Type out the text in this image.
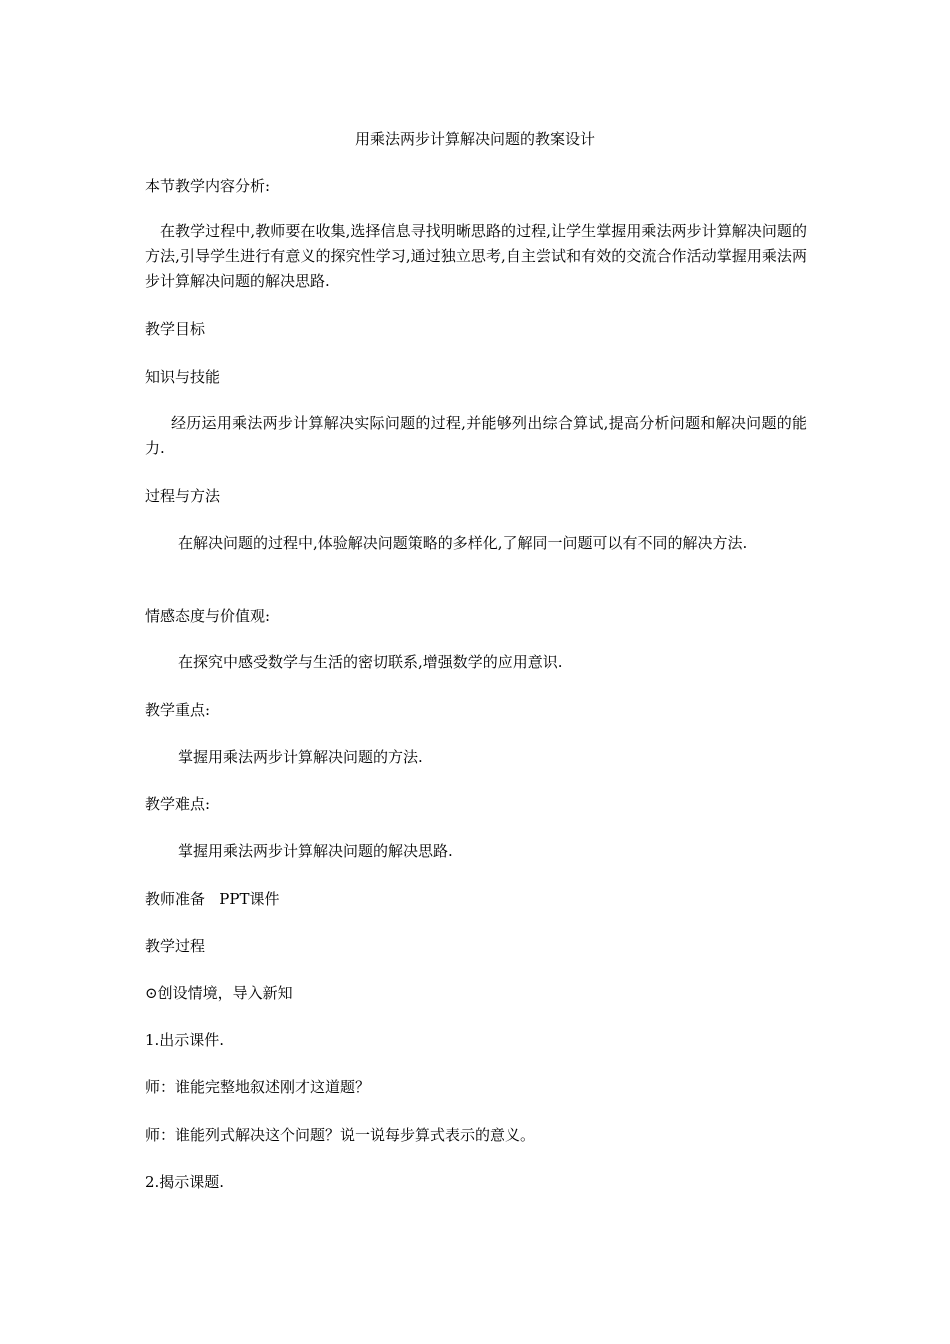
用乘法两步计算解决问题的教案设计
本节教学内容分析:
在教学过程中,教师要在收集,选择信息寻找明晰思路的过程,让学生掌握用乘法两步计算解决问题的方法,引导学生进行有意义的探究性学习,通过独立思考,自主尝试和有效的交流合作活动掌握用乘法两步计算解决问题的解决思路.
教学目标
知识与技能
经历运用乘法两步计算解决实际问题的过程,并能够列出综合算试,提高分析问题和解决问题的能力.
过程与方法
在解决问题的过程中,体验解决问题策略的多样化,了解同一问题可以有不同的解决方法.
情感态度与价值观:
在探究中感受数学与生活的密切联系,增强数学的应用意识.
教学重点:
掌握用乘法两步计算解决问题的方法.
教学难点:
掌握用乘法两步计算解决问题的解决思路.
教师准备   PPT课件
教学过程
⊙创设情境，导入新知
1.出示课件.
师：谁能完整地叙述刚才这道题？
师：谁能列式解决这个问题？说一说每步算式表示的意义。
2.揭示课题.
